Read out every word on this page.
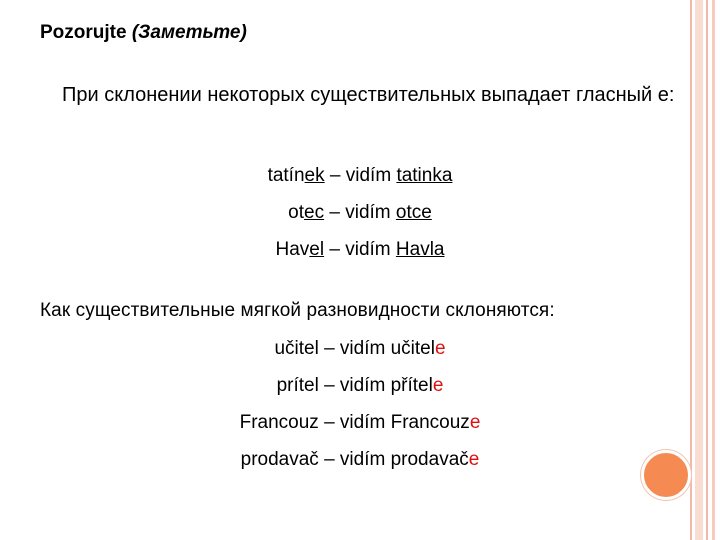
Pozorujte (Заметьте)
При склонении некоторых существительных выпадает гласный е:
tatínek – vidím tatinka
otec – vidím otce
Havel – vidím Havla
Как существительные мягкой разновидности склоняются:
učitel – vidím učitele
prítel – vidím přítele
Francouz – vidím Francouze
prodavač – vidím prodavače
